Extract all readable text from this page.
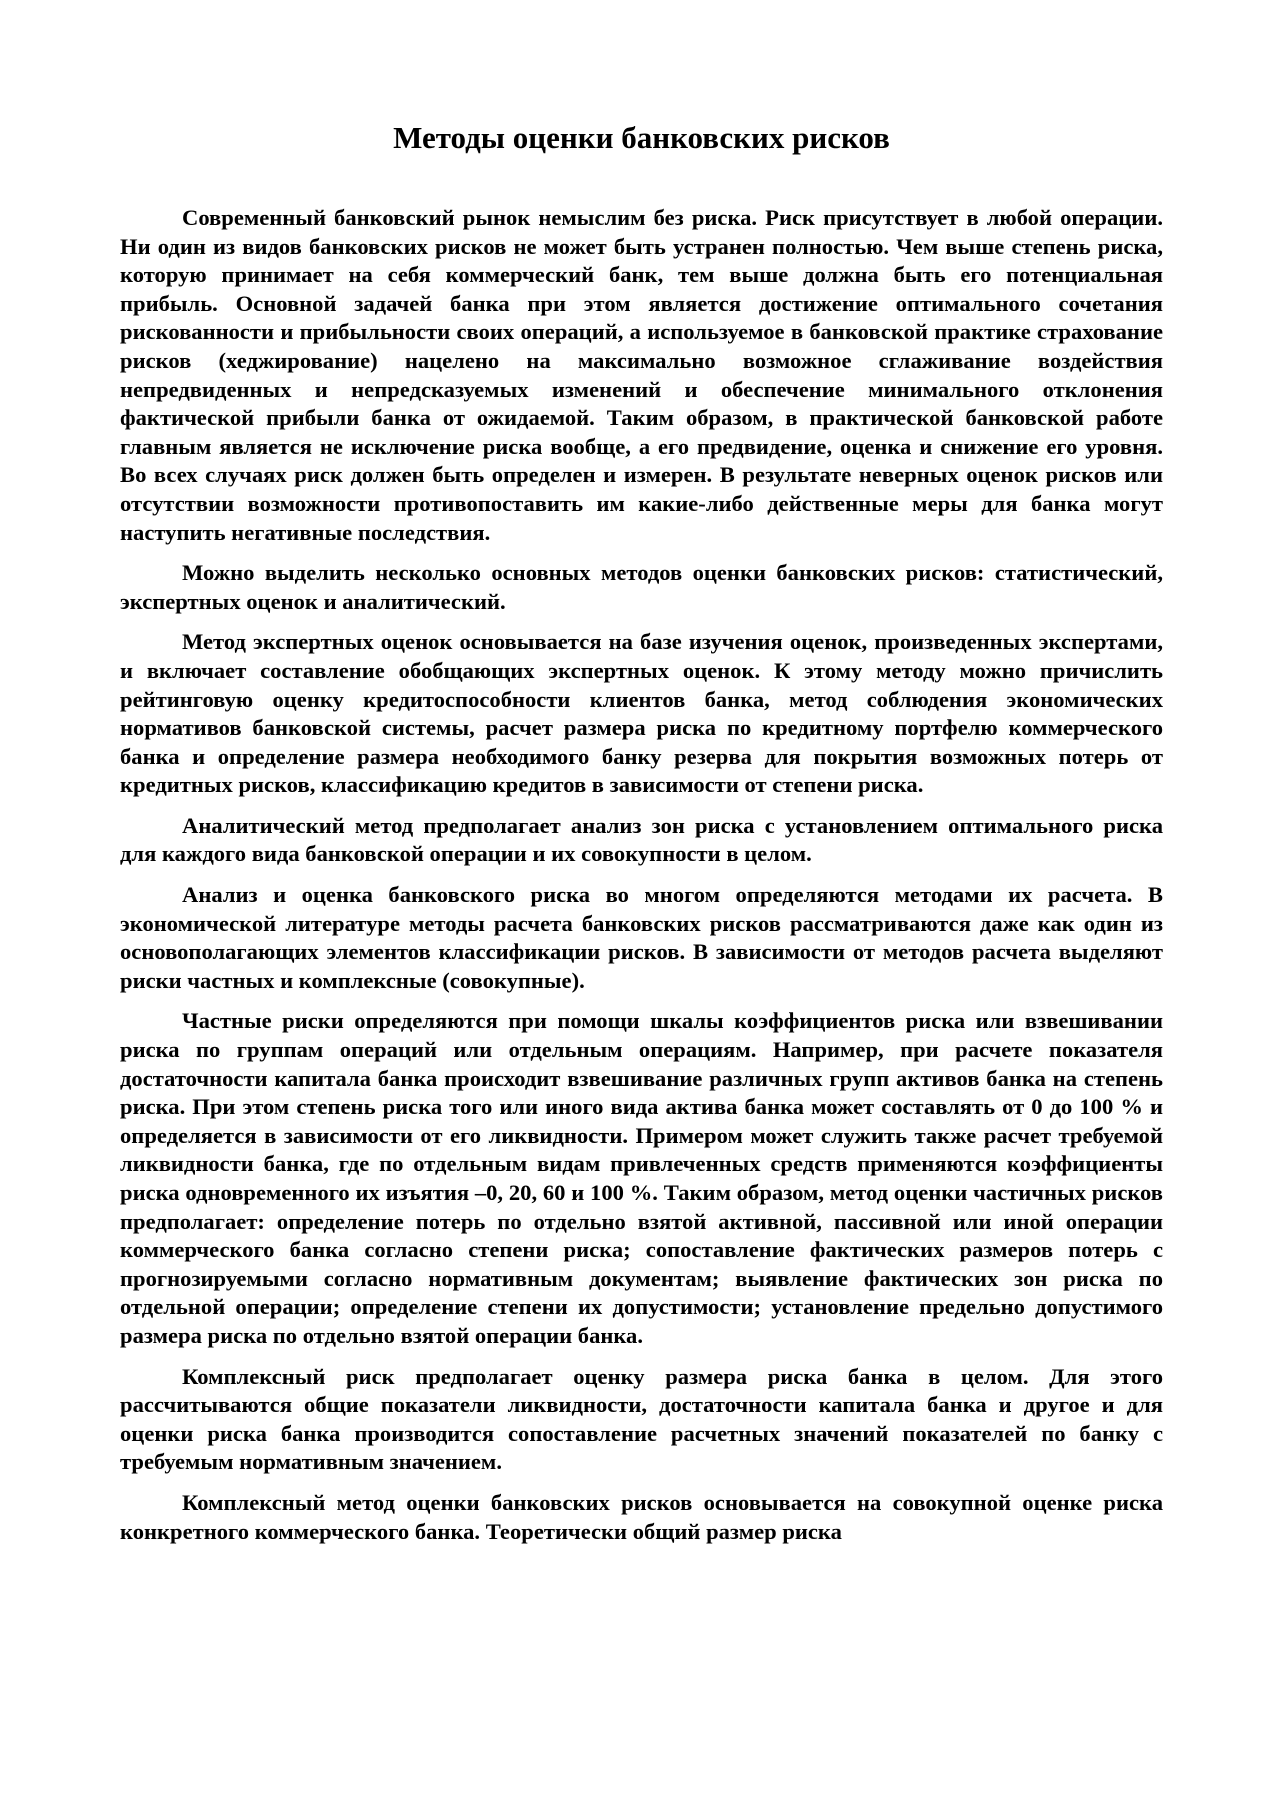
Методы оценки банковских рисков

Современный банковский рынок немыслим без риска. Риск присутствует в любой операции. Ни один из видов банковских рисков не может быть устранен полностью. Чем выше степень риска, которую принимает на себя коммерческий банк, тем выше должна быть его потенциальная прибыль. Основной задачей банка при этом является достижение оптимального сочетания рискованности и прибыльности своих операций, а используемое в банковской практике страхование рисков (хеджирование) нацелено на максимально возможное сглаживание воздействия непредвиденных и непредсказуемых изменений и обеспечение минимального отклонения фактической прибыли банка от ожидаемой. Таким образом, в практической банковской работе главным является не исключение риска вообще, а его предвидение, оценка и снижение его уровня. Во всех случаях риск должен быть определен и измерен. В результате неверных оценок рисков или отсутствии возможности противопоставить им какие-либо действенные меры для банка могут наступить негативные последствия.

Можно выделить несколько основных методов оценки банковских рисков: статистический, экспертных оценок и аналитический.

Метод экспертных оценок основывается на базе изучения оценок, произведенных экспертами, и включает составление обобщающих экспертных оценок. К этому методу можно причислить рейтинговую оценку кредитоспособности клиентов банка, метод соблюдения экономических нормативов банковской системы, расчет размера риска по кредитному портфелю коммерческого банка и определение размера необходимого банку резерва для покрытия возможных потерь от кредитных рисков, классификацию кредитов в зависимости от степени риска.

Аналитический метод предполагает анализ зон риска с установлением оптимального риска для каждого вида банковской операции и их совокупности в целом.

Анализ и оценка банковского риска во многом определяются методами их расчета. В экономической литературе методы расчета банковских рисков рассматриваются даже как один из основополагающих элементов классификации рисков. В зависимости от методов расчета выделяют риски частных и комплексные (совокупные).

Частные риски определяются при помощи шкалы коэффициентов риска или взвешивании риска по группам операций или отдельным операциям. Например, при расчете показателя достаточности капитала банка происходит взвешивание различных групп активов банка на степень риска. При этом степень риска того или иного вида актива банка может составлять от 0 до 100 % и определяется в зависимости от его ликвидности. Примером может служить также расчет требуемой ликвидности банка, где по отдельным видам привлеченных средств применяются коэффициенты риска одновременного их изъятия –0, 20, 60 и 100 %. Таким образом, метод оценки частичных рисков предполагает: определение потерь по отдельно взятой активной, пассивной или иной операции коммерческого банка согласно степени риска; сопоставление фактических размеров потерь с прогнозируемыми согласно нормативным документам; выявление фактических зон риска по отдельной операции; определение степени их допустимости; установление предельно допустимого размера риска по отдельно взятой операции банка.

Комплексный риск предполагает оценку размера риска банка в целом. Для этого рассчитываются общие показатели ликвидности, достаточности капитала банка и другое и для оценки риска банка производится сопоставление расчетных значений показателей по банку с требуемым нормативным значением.

Комплексный метод оценки банковских рисков основывается на совокупной оценке риска конкретного коммерческого банка. Теоретически общий размер риска
